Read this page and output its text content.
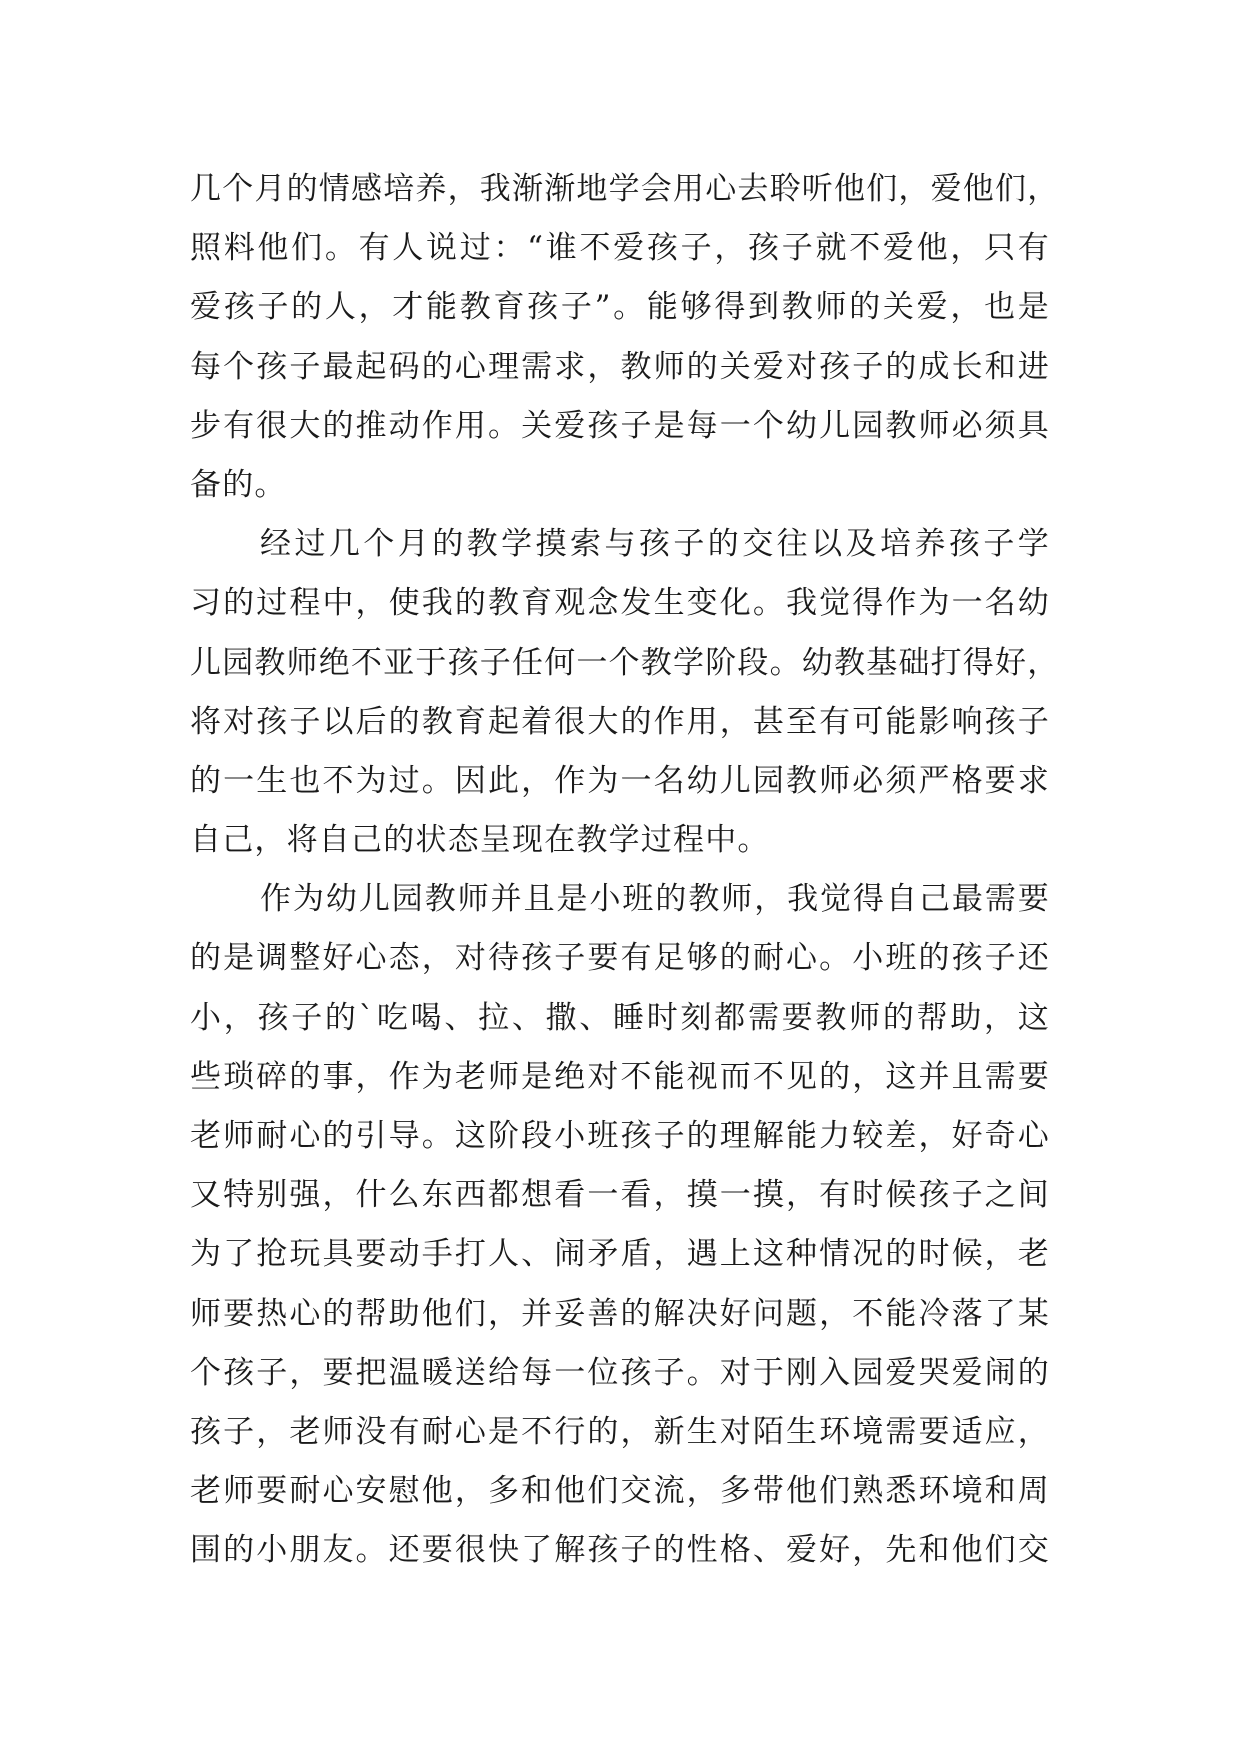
几个月的情感培养，我渐渐地学会用心去聆听他们，爱他们，
照料他们。有人说过：“谁不爱孩子，孩子就不爱他，只有
爱孩子的人，才能教育孩子”。能够得到教师的关爱，也是
每个孩子最起码的心理需求，教师的关爱对孩子的成长和进
步有很大的推动作用。关爱孩子是每一个幼儿园教师必须具
备的。
经过几个月的教学摸索与孩子的交往以及培养孩子学
习的过程中，使我的教育观念发生变化。我觉得作为一名幼
儿园教师绝不亚于孩子任何一个教学阶段。幼教基础打得好，
将对孩子以后的教育起着很大的作用，甚至有可能影响孩子
的一生也不为过。因此，作为一名幼儿园教师必须严格要求
自己，将自己的状态呈现在教学过程中。
作为幼儿园教师并且是小班的教师，我觉得自己最需要
的是调整好心态，对待孩子要有足够的耐心。小班的孩子还
小，孩子的`吃喝、拉、撒、睡时刻都需要教师的帮助，这
些琐碎的事，作为老师是绝对不能视而不见的，这并且需要
老师耐心的引导。这阶段小班孩子的理解能力较差，好奇心
又特别强，什么东西都想看一看，摸一摸，有时候孩子之间
为了抢玩具要动手打人、闹矛盾，遇上这种情况的时候，老
师要热心的帮助他们，并妥善的解决好问题，不能冷落了某
个孩子，要把温暖送给每一位孩子。对于刚入园爱哭爱闹的
孩子，老师没有耐心是不行的，新生对陌生环境需要适应，
老师要耐心安慰他，多和他们交流，多带他们熟悉环境和周
围的小朋友。还要很快了解孩子的性格、爱好，先和他们交
